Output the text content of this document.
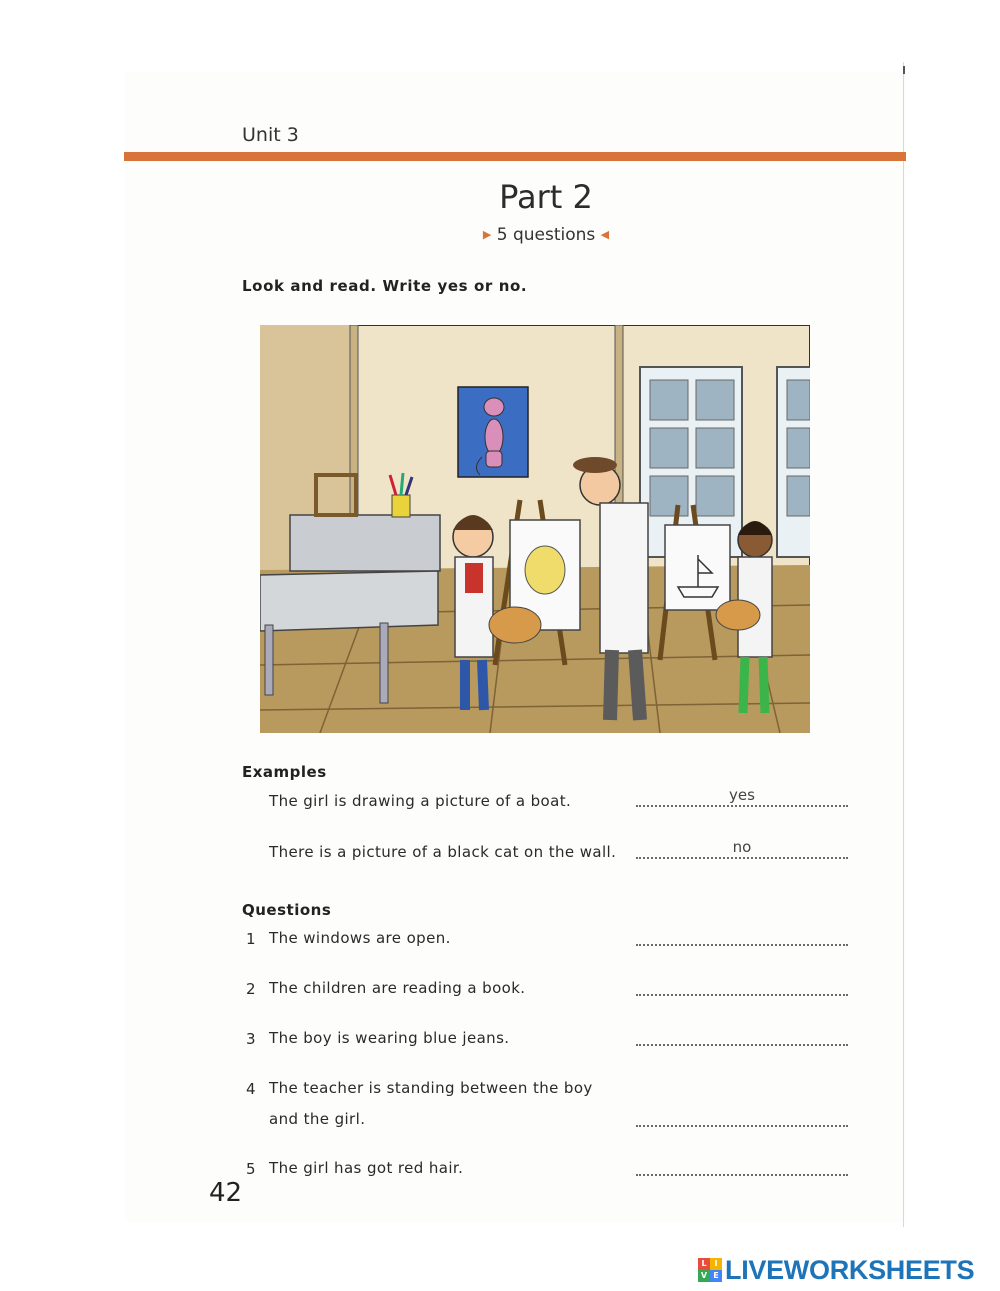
Unit 3
Part 2
▶ 5 questions ◀
Look and read. Write yes or no.
Examples
The girl is drawing a picture of a boat.	yes
There is a picture of a black cat on the wall.	no
Questions
1 The windows are open.
2 The children are reading a book.
3 The boy is wearing blue jeans.
4 The teacher is standing between the boy
and the girl.
5 The girl has got red hair.
42
L I
V E LIVEWORKSHEETS
